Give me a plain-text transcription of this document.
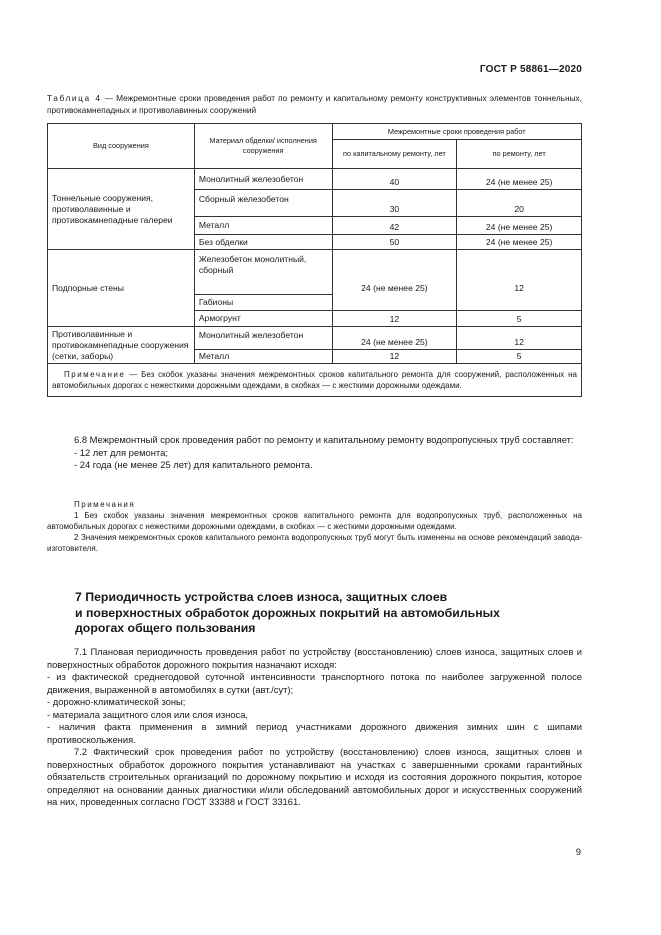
ГОСТ Р 58861—2020
Таблица 4 — Межремонтные сроки проведения работ по ремонту и капитальному ремонту конструктивных элементов тоннельных, противокамнепадных и противолавинных сооружений
Вид сооружения	Материал обделки/ исполнения сооружения	Межремонтные сроки проведения работ	
		по капитальному ремонту, лет	по ремонту, лет
Тоннельные сооружения, противолавинные и противокамнепадные галереи	Монолитный железобетон	40	24 (не менее 25)
	Сборный железобетон	30	20
	Металл	42	24 (не менее 25)
	Без обделки	50	24 (не менее 25)
Подпорные стены	Железобетон монолитный, сборный	24 (не менее 25)	12
	Габионы		
	Армогрунт	12	5
Противолавинные и противокамнепадные сооружения (сетки, заборы)	Монолитный железобетон	24 (не менее 25)	12
	Металл	12	5
Примечание — Без скобок указаны значения межремонтных сроков капитального ремонта для сооружений, расположенных на автомобильных дорогах с нежесткими дорожными одеждами, в скобках — с жесткими дорожными одеждами.			

6.8 Межремонтный срок проведения работ по ремонту и капитальному ремонту водопропускных труб составляет:

- 12 лет для ремонта;

- 24 года (не менее 25 лет) для капитального ремонта.

Примечания

1 Без скобок указаны значения межремонтных сроков капитального ремонта для водопропускных труб, расположенных на автомобильных дорогах с нежесткими дорожными одеждами, в скобках — с жесткими дорожными одеждами.

2 Значения межремонтных сроков капитального ремонта водопропускных труб могут быть изменены на основе рекомендаций завода-изготовителя.

7 Периодичность устройства слоев износа, защитных слоев
и поверхностных обработок дорожных покрытий на автомобильных
дорогах общего пользования

7.1 Плановая периодичность проведения работ по устройству (восстановлению) слоев износа, защитных слоев и поверхностных обработок дорожного покрытия назначают исходя:

- из фактической среднегодовой суточной интенсивности транспортного потока по наиболее загруженной полосе движения, выраженной в автомобилях в сутки (авт./сут);

- дорожно-климатической зоны;

- материала защитного слоя или слоя износа,

- наличия факта применения в зимний период участниками дорожного движения зимних шин с шипами противоскольжения.

7.2 Фактический срок проведения работ по устройству (восстановлению) слоев износа, защитных слоев и поверхностных обработок дорожного покрытия устанавливают на участках с завершенными сроками гарантийных обязательств строительных организаций по дорожному покрытию и исходя из состояния дорожного покрытия, которое определяют на основании данных диагностики и/или обследований автомобильных дорог и искусственных сооружений на них, проведенных согласно ГОСТ 33388 и ГОСТ 33161.

9
